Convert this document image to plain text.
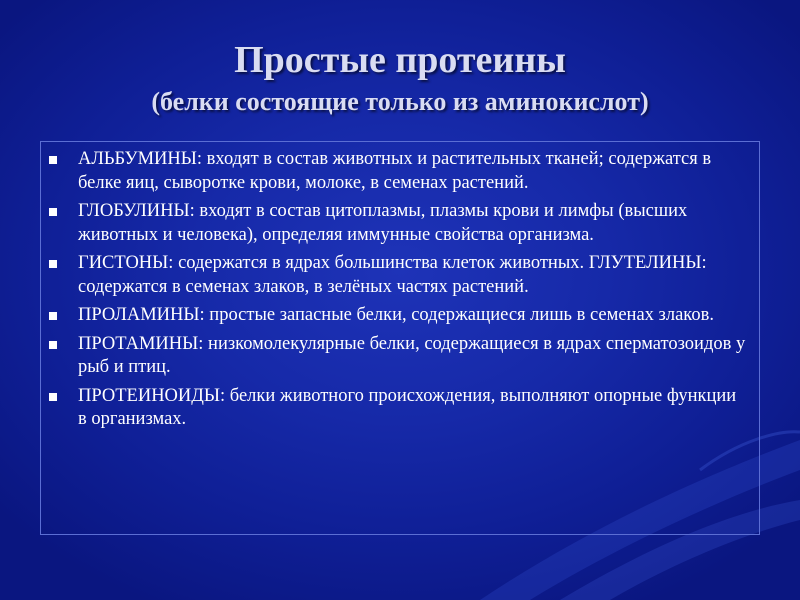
Простые протеины
(белки состоящие только из аминокислот)
АЛЬБУМИНЫ: входят в состав животных и растительных тканей; содержатся в белке яиц, сыворотке крови, молоке, в семенах растений.
ГЛОБУЛИНЫ: входят в состав цитоплазмы, плазмы крови и лимфы (высших животных и человека), определяя иммунные свойства организма.
ГИСТОНЫ: содержатся в ядрах большинства клеток животных. ГЛУТЕЛИНЫ: содержатся в семенах злаков, в зелёных частях растений.
ПРОЛАМИНЫ: простые запасные белки, содержащиеся лишь в семенах злаков.
ПРОТАМИНЫ: низкомолекулярные белки, содержащиеся в ядрах сперматозоидов у рыб и птиц.
ПРОТЕИНОИДЫ: белки животного происхождения, выполняют опорные функции в организмах.
